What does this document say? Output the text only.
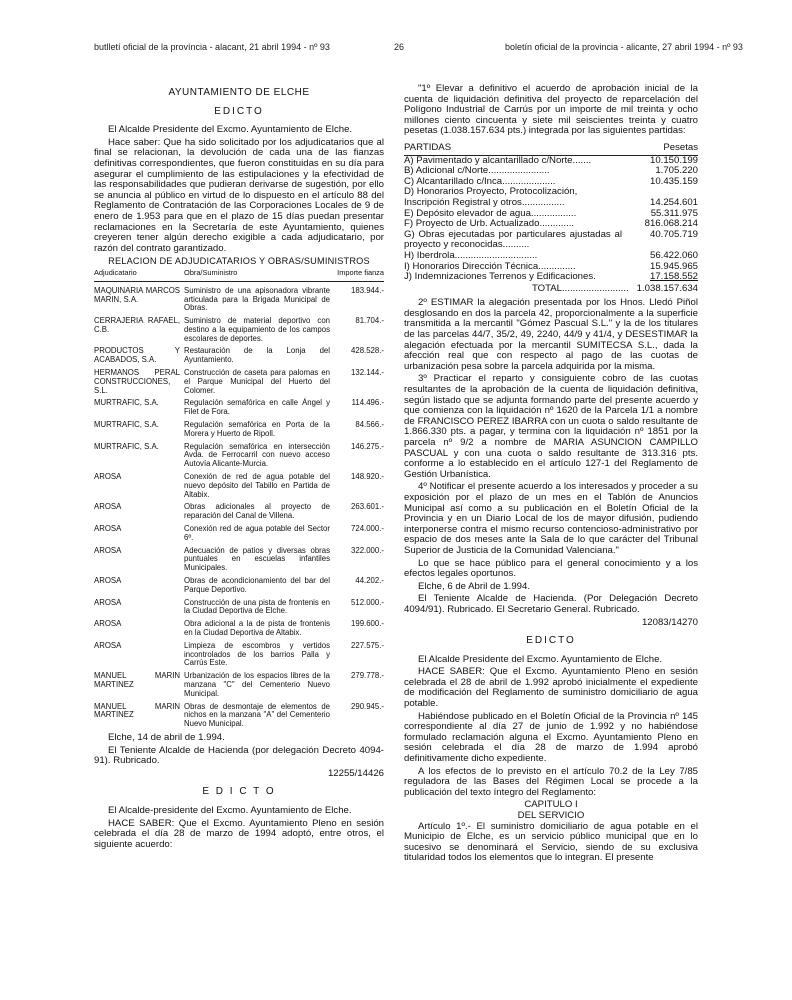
butlletí oficial de la província - alacant, 21 abril 1994 - nº 93	26	boletín oficial de la provincia - alicante, 27 abril 1994 - nº 93
AYUNTAMIENTO DE ELCHE
EDICTO

El Alcalde Presidente del Excmo. Ayuntamiento de Elche.

Hace saber: Que ha sido solicitado por los adjudicatarios que al final se relacionan, la devolución de cada una de las fianzas definitivas correspondientes, que fueron constituidas en su día para asegurar el cumplimiento de las estipulaciones y la efectividad de las responsabilidades que pudieran derivarse de sugestión, por ello se anuncia al público en virtud de lo dispuesto en el artículo 88 del Reglamento de Contratación de las Corporaciones Locales de 9 de enero de 1.953 para que en el plazo de 15 días puedan presentar reclamaciones en la Secretaría de este Ayuntamiento, quienes creyeren tener algún derecho exigible a cada adjudicatario, por razón del contrato garantizado.

RELACION DE ADJUDICATARIOS Y OBRAS/SUMINISTROS
Adjudicatario	Obra/Suministro	Importe fianza
MAQUINARIA MARCOS MARIN, S.A.	Suministro de una apisonadora vibrante articulada para la Brigada Municipal de Obras.	183.944.-
CERRAJERIA RAFAEL, C.B.	Suministro de material deportivo con destino a la equipamiento de los campos escolares de deportes.	81.704.-
PRODUCTOS Y ACABADOS, S.A.	Restauración de la Lonja del Ayuntamiento.	428.528.-
HERMANOS PERAL CONSTRUCCIONES, S.L.	Construcción de caseta para palomas en el Parque Municipal del Huerto del Colomer.	132.144.-
MURTRAFIC, S.A.	Regulación semafórica en calle Ángel y Filet de Fora.	114.496.-
MURTRAFIC, S.A.	Regulación semafórica en Porta de la Morera y Huerto de Ripoll.	84.566.-
MURTRAFIC, S.A.	Regulación semafórica en intersección Avda. de Ferrocarril con nuevo acceso Autovía Alicante-Murcia.	146.275.-
AROSA	Conexión de red de agua potable del nuevo depósito del Tabillo en Partida de Altabix.	148.920.-
AROSA	Obras adicionales al proyecto de reparación del Canal de Villena.	263.601.-
AROSA	Conexión red de agua potable del Sector 6º.	724.000.-
AROSA	Adecuación de patios y diversas obras puntuales en escuelas infantiles Municipales.	322.000.-
AROSA	Obras de acondicionamiento del bar del Parque Deportivo.	44.202.-
AROSA	Construcción de una pista de frontenis en la Ciudad Deportiva de Elche.	512.000.-
AROSA	Obra adicional a la de pista de frontenis en la Ciudad Deportiva de Altabix.	199.600.-
AROSA	Limpieza de escombros y vertidos incontrolados de los barrios Palla y Carrús Este.	227.575.-
MANUEL MARIN MARTINEZ	Urbanización de los espacios libres de la manzana "C" del Cementerio Nuevo Municipal.	279.778.-
MANUEL MARIN MARTINEZ	Obras de desmontaje de elementos de nichos en la manzana "A" del Cementerio Nuevo Municipal.	290.945.-

Elche, 14 de abril de 1.994.

El Teniente Alcalde de Hacienda (por delegación Decreto 4094-91). Rubricado.

12255/14426
E D I C T O

El Alcalde-presidente del Excmo. Ayuntamiento de Elche.

HACE SABER: Que el Excmo. Ayuntamiento Pleno en sesión celebrada el día 28 de marzo de 1994 adoptó, entre otros, el siguiente acuerdo:

"1º Elevar a definitivo el acuerdo de aprobación inicial de la cuenta de liquidación definitiva del proyecto de reparcelación del Polígono Industrial de Carrús por un importe de mil treinta y ocho millones ciento cincuenta y siete mil seiscientes treinta y cuatro pesetas (1.038.157.634 pts.) integrada por las siguientes partidas:

PARTIDAS	Pesetas
A) Pavimentado y alcantarillado c/Norte.......	10.150.199
B) Adicional c/Norte.......................	1.705.220
C) Alcantarillado c/Inca....................	10.435.159
D) Honorarios Proyecto, Protocolización,
Inscripción Registral y otros................	14.254.601
E) Depósito elevador de agua.................	55.311.975
F) Proyecto de Urb. Actualizado.............	816.068.214
G) Obras ejecutadas por particulares ajustadas al proyecto y reconocidas..........
40.705.719
H) Iberdrola...............................	56.422.060
I) Honorarios Dirección Técnica..............	15.945.965
J) Indemnizaciones Terrenos y Edificaciones.	17.158.552
TOTAL......................... 1.038.157.634

2º ESTIMAR la alegación presentada por los Hnos. Lledó Piñol desglosando en dos la parcela 42, proporcionalmente a la superficie transmitida a la mercantil "Gómez Pascual S.L." y la de los titulares de las parcelas 44/7, 35/2, 49, 2240, 44/9 y 41/4, y DESESTIMAR la alegación efectuada por la mercantil SUMITECSA S.L., dada la afección real que con respecto al pago de las cuotas de urbanización pesa sobre la parcela adquirida por la misma.

3º Practicar el reparto y consiguiente cobro de las cuotas resultantes de la aprobación de la cuenta de liquidación definitiva, según listado que se adjunta formando parte del presente acuerdo y que comienza con la liquidación nº 1620 de la Parcela 1/1 a nombre de FRANCISCO PEREZ IBARRA con un cuota o saldo resultante de 1.866.330 pts. a pagar, y termina con la liquidación nº 1851 por la parcela nº 9/2 a nombre de MARIA ASUNCION CAMPILLO PASCUAL y con una cuota o saldo resultante de 313.316 pts. conforme a lo establecido en el artículo 127-1 del Reglamento de Gestión Urbanística.

4º Notificar el presente acuerdo a los interesados y proceder a su exposición por el plazo de un mes en el Tablón de Anuncios Municipal así como a su publicación en el Boletín Oficial de la Provincia y en un Diario Local de los de mayor difusión, pudiendo interponerse contra el mismo recurso contencioso-administrativo por espacio de dos meses ante la Sala de lo que carácter del Tribunal Superior de Justicia de la Comunidad Valenciana."

Lo que se hace público para el general conocimiento y a los efectos legales oportunos.

Elche, 6 de Abril de 1.994.

El Teniente Alcalde de Hacienda. (Por Delegación Decreto 4094/91). Rubricado. El Secretario General. Rubricado.

12083/14270
EDICTO

El Alcalde Presidente del Excmo. Ayuntamiento de Elche.

HACE SABER: Que el Excmo. Ayuntamiento Pleno en sesión celebrada el 28 de abril de 1.992 aprobó inicialmente el expediente de modificación del Reglamento de suministro domiciliario de agua potable.

Habiéndose publicado en el Boletín Oficial de la Provincia nº 145 correspondiente al día 27 de junio de 1.992 y no habiéndose formulado reclamación alguna el Excmo. Ayuntamiento Pleno en sesión celebrada el día 28 de marzo de 1.994 aprobó definitivamente dicho expediente.

A los efectos de lo previsto en el artículo 70.2 de la Ley 7/85 reguladora de las Bases del Régimen Local se procede a la publicación del texto íntegro del Reglamento:

CAPITULO I
DEL SERVICIO

Artículo 1º.- El suministro domiciliario de agua potable en el Municipio de Elche, es un servicio público municipal que en lo sucesivo se denominará el Servicio, siendo de su exclusiva titularidad todos los elementos que lo integran. El presente
